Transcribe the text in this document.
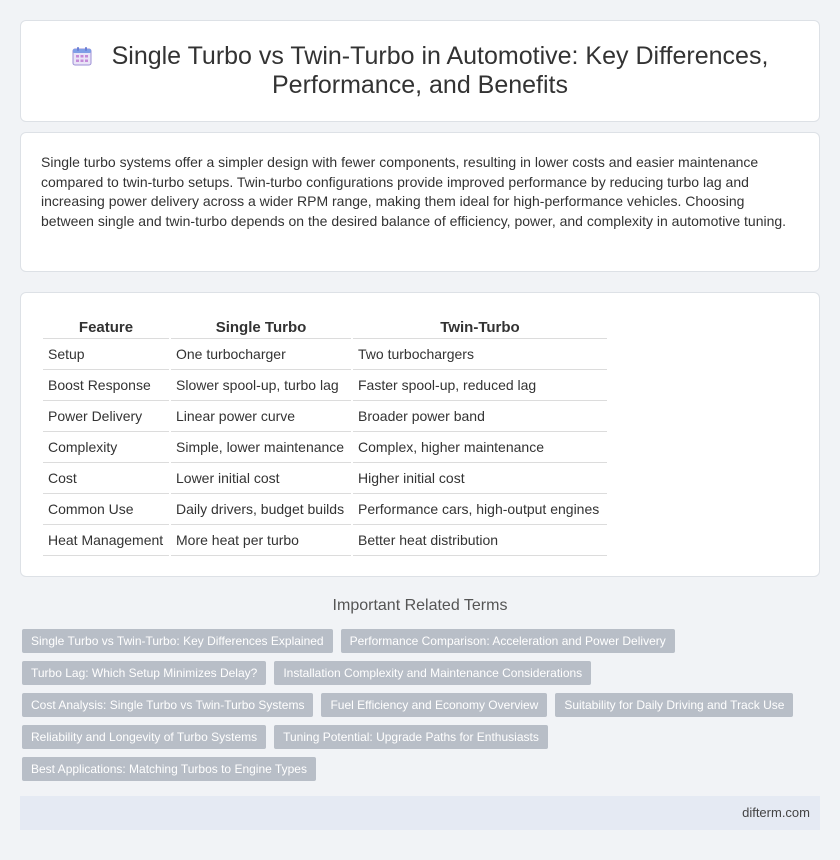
Single Turbo vs Twin-Turbo in Automotive: Key Differences, Performance, and Benefits

Single turbo systems offer a simpler design with fewer components, resulting in lower costs and easier maintenance compared to twin-turbo setups. Twin-turbo configurations provide improved performance by reducing turbo lag and increasing power delivery across a wider RPM range, making them ideal for high-performance vehicles. Choosing between single and twin-turbo depends on the desired balance of efficiency, power, and complexity in automotive tuning.

Feature	Single Turbo	Twin-Turbo
Setup	One turbocharger	Two turbochargers
Boost Response	Slower spool-up, turbo lag	Faster spool-up, reduced lag
Power Delivery	Linear power curve	Broader power band
Complexity	Simple, lower maintenance	Complex, higher maintenance
Cost	Lower initial cost	Higher initial cost
Common Use	Daily drivers, budget builds	Performance cars, high-output engines
Heat Management	More heat per turbo	Better heat distribution
Important Related Terms
Single Turbo vs Twin-Turbo: Key Differences Explained	Performance Comparison: Acceleration and Power Delivery
Turbo Lag: Which Setup Minimizes Delay?	Installation Complexity and Maintenance Considerations
Cost Analysis: Single Turbo vs Twin-Turbo Systems	Fuel Efficiency and Economy Overview	Suitability for Daily Driving and Track Use
Reliability and Longevity of Turbo Systems	Tuning Potential: Upgrade Paths for Enthusiasts
Best Applications: Matching Turbos to Engine Types
difterm.com
